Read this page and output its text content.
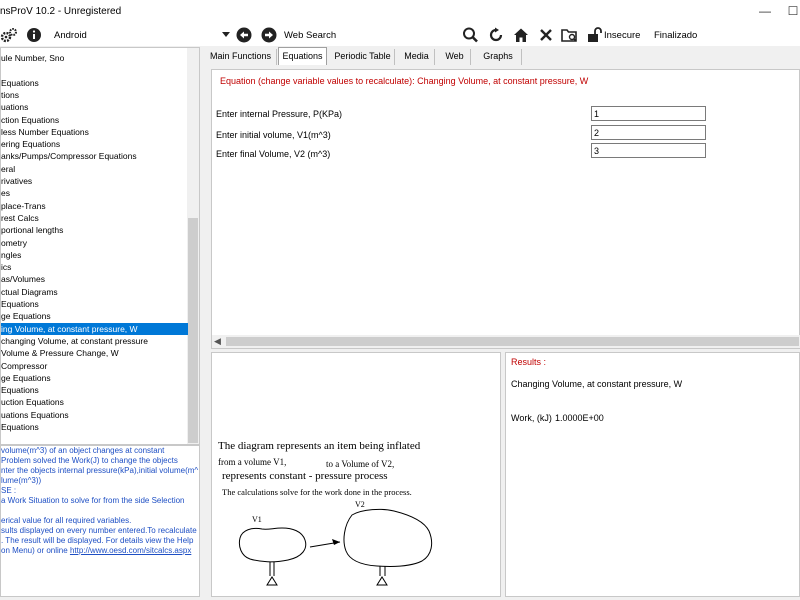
nsProV 10.2 - Unregistered	— ☐
Android	Web Search	Insecure Finalizado
ule Number, Sno
Equations
tions
uations
ction Equations
less Number Equations
ering Equations
anks/Pumps/Compressor Equations
eral
rivatives
es
place-Trans
rest Calcs
portional lengths
ometry
ngles
ics
as/Volumes
ctual Diagrams
Equations
ge Equations
ing Volume, at constant pressure, W
changing Volume, at constant pressure
Volume & Pressure Change, W
Compressor
ge Equations
Equations
uction Equations
uations Equations
Equations
volume(m^3) of an object changes at constant
Problem solved the Work(J) to change the objects
nter the objects internal pressure(kPa),initial volume(m^
lume(m^3))
SE :
a Work Situation to solve for from the side Selection
erical value for all required variables.
sults displayed on every number entered.To recalculate
. The result will be displayed. For details view the Help
on Menu) or online http://www.oesd.com/sitcalcs.aspx
Main Functions	Equations	Periodic Table	Media	Web	Graphs
Equation (change variable values to recalculate): Changing Volume, at constant pressure, W
Enter internal Pressure, P(KPa)
1
Enter initial volume, V1(m^3)
2
Enter final Volume, V2 (m^3)
3
◀
The diagram represents an item being inflated
from a volume V1,	to a Volume of V2,
represents constant - pressure process
The calculations solve for the work done in the process.
V1
V2
Results :
Changing Volume, at constant pressure, W
Work, (kJ) 1.0000E+00
